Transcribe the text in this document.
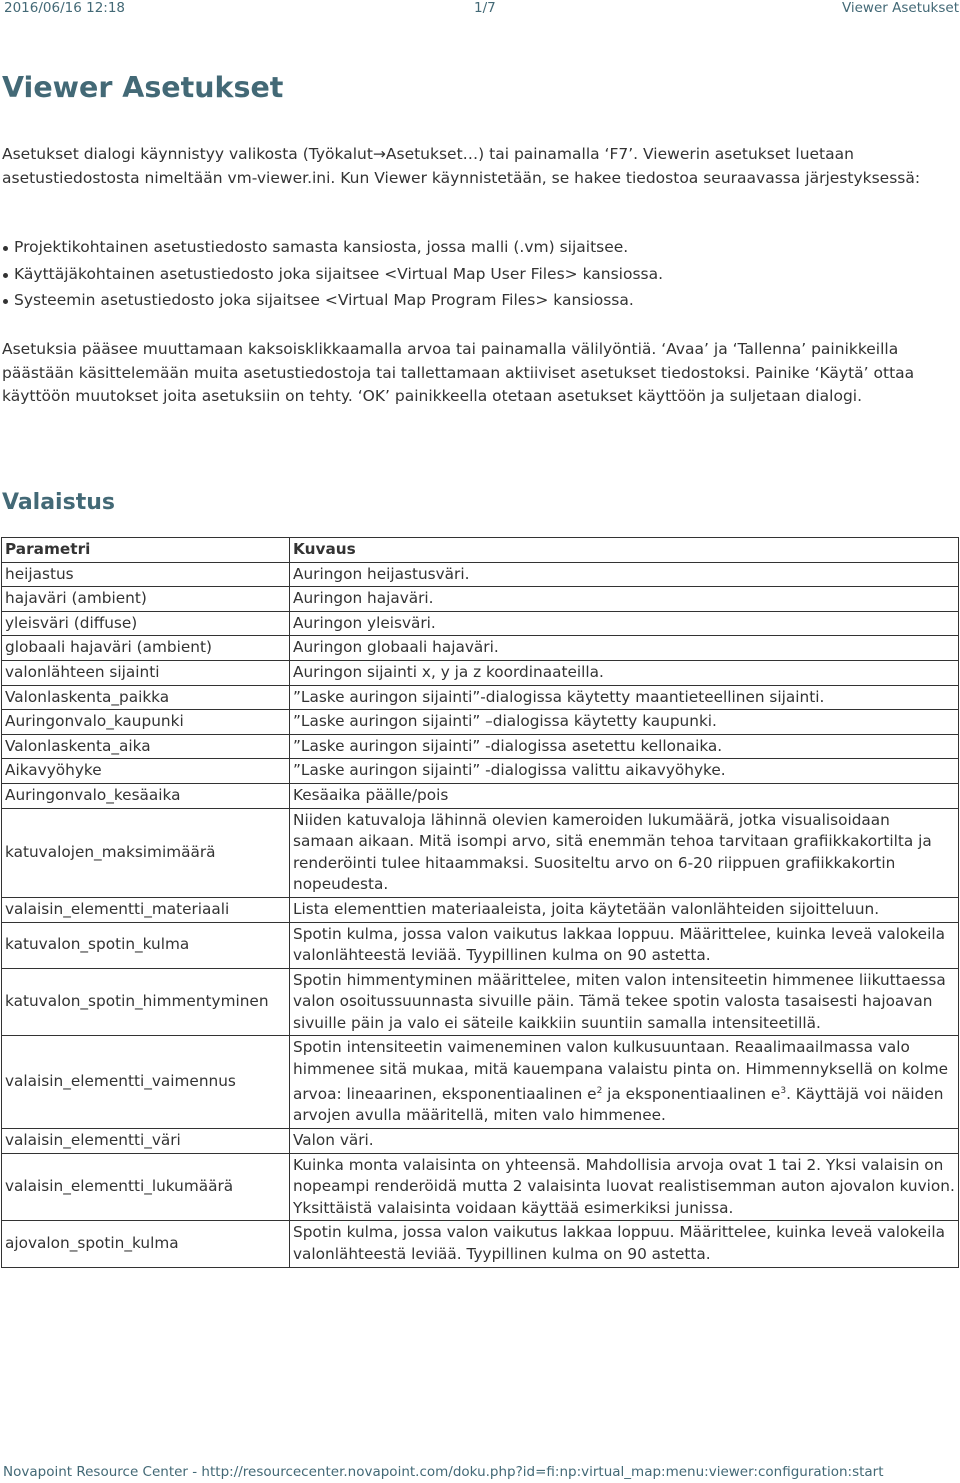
2016/06/16 12:18	1/7	Viewer Asetukset
Viewer Asetukset

Asetukset dialogi käynnistyy valikosta (Työkalut→Asetukset…) tai painamalla ‘F7’. Viewerin asetukset luetaan asetustiedostosta nimeltään vm-viewer.ini. Kun Viewer käynnistetään, se hakee tiedostoa seuraavassa järjestyksessä:

Projektikohtainen asetustiedosto samasta kansiosta, jossa malli (.vm) sijaitsee.
Käyttäjäkohtainen asetustiedosto joka sijaitsee <Virtual Map User Files> kansiossa.
Systeemin asetustiedosto joka sijaitsee <Virtual Map Program Files> kansiossa.

Asetuksia pääsee muuttamaan kaksoisklikkaamalla arvoa tai painamalla välilyöntiä. ‘Avaa’ ja ‘Tallenna’ painikkeilla päästään käsittelemään muita asetustiedostoja tai tallettamaan aktiiviset asetukset tiedostoksi. Painike ‘Käytä’ ottaa käyttöön muutokset joita asetuksiin on tehty. ‘OK’ painikkeella otetaan asetukset käyttöön ja suljetaan dialogi.

Valaistus
Parametri	Kuvaus
heijastus	Auringon heijastusväri.
hajaväri (ambient)	Auringon hajaväri.
yleisväri (diffuse)	Auringon yleisväri.
globaali hajaväri (ambient)	Auringon globaali hajaväri.
valonlähteen sijainti	Auringon sijainti x, y ja z koordinaateilla.
Valonlaskenta_paikka	”Laske auringon sijainti”-dialogissa käytetty maantieteellinen sijainti.
Auringonvalo_kaupunki	”Laske auringon sijainti” –dialogissa käytetty kaupunki.
Valonlaskenta_aika	”Laske auringon sijainti” -dialogissa asetettu kellonaika.
Aikavyöhyke	”Laske auringon sijainti” -dialogissa valittu aikavyöhyke.
Auringonvalo_kesäaika	Kesäaika päälle/pois
katuvalojen_maksimimäärä	Niiden katuvaloja lähinnä olevien kameroiden lukumäärä, jotka visualisoidaan samaan aikaan. Mitä isompi arvo, sitä enemmän tehoa tarvitaan grafiikkakortilta ja renderöinti tulee hitaammaksi. Suositeltu arvo on 6-20 riippuen grafiikkakortin nopeudesta.
valaisin_elementti_materiaali	Lista elementtien materiaaleista, joita käytetään valonlähteiden sijoitteluun.
katuvalon_spotin_kulma	Spotin kulma, jossa valon vaikutus lakkaa loppuu. Määrittelee, kuinka leveä valokeila valonlähteestä leviää. Tyypillinen kulma on 90 astetta.
katuvalon_spotin_himmentyminen	Spotin himmentyminen määrittelee, miten valon intensiteetin himmenee liikuttaessa valon osoitussuunnasta sivuille päin. Tämä tekee spotin valosta tasaisesti hajoavan sivuille päin ja valo ei säteile kaikkiin suuntiin samalla intensiteetillä.
valaisin_elementti_vaimennus	Spotin intensiteetin vaimeneminen valon kulkusuuntaan. Reaalimaailmassa valo himmenee sitä mukaa, mitä kauempana valaistu pinta on. Himmennyksellä on kolme arvoa: lineaarinen, eksponentiaalinen $e^2$ ja eksponentiaalinen $e^3$. Käyttäjä voi näiden arvojen avulla määritellä, miten valo himmenee.
valaisin_elementti_väri	Valon väri.
valaisin_elementti_lukumäärä	Kuinka monta valaisinta on yhteensä. Mahdollisia arvoja ovat 1 tai 2. Yksi valaisin on nopeampi renderöidä mutta 2 valaisinta luovat realistisemman auton ajovalon kuvion. Yksittäistä valaisinta voidaan käyttää esimerkiksi junissa.
ajovalon_spotin_kulma	Spotin kulma, jossa valon vaikutus lakkaa loppuu. Määrittelee, kuinka leveä valokeila valonlähteestä leviää. Tyypillinen kulma on 90 astetta.
Novapoint Resource Center - http://resourcecenter.novapoint.com/doku.php?id=fi:np:virtual_map:menu:viewer:configuration:start
